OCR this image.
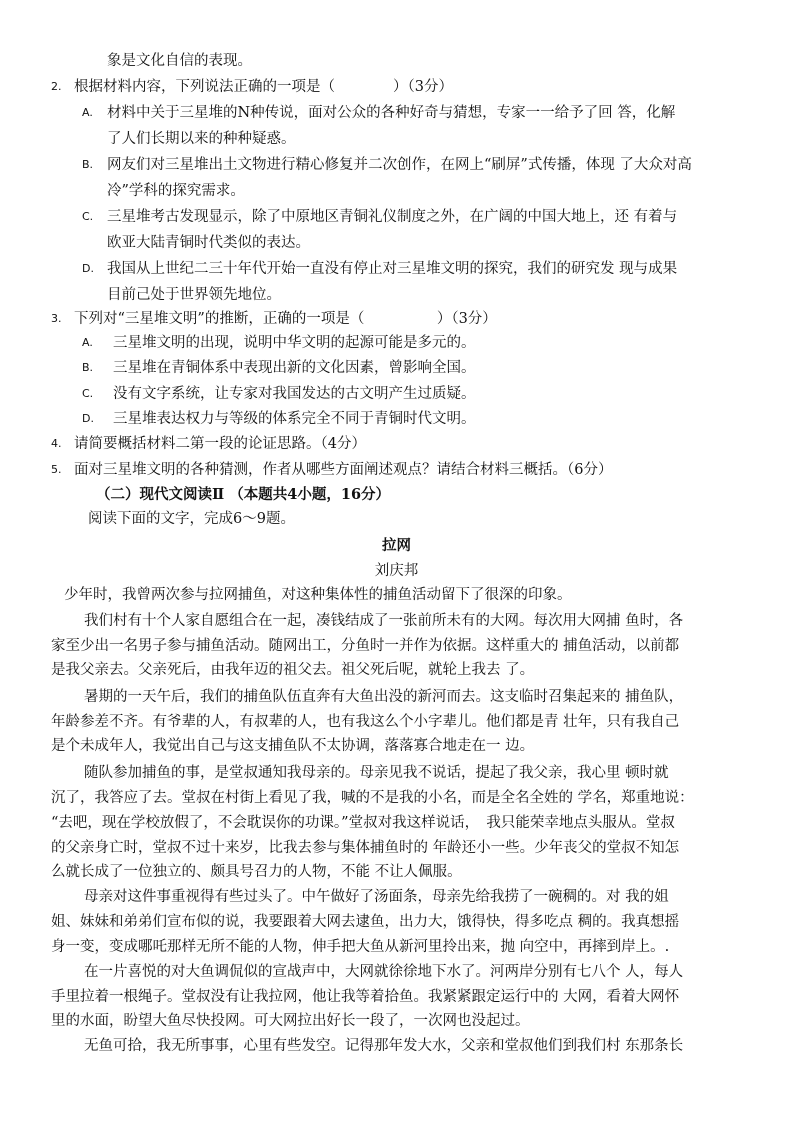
象是文化自信的表现。
2. 根据材料内容，下列说法正确的一项是（　　　　）（3分）
A. 材料中关于三星堆的N种传说，面对公众的各种好奇与猜想，专家一一给予了回 答，化解
了人们长期以来的种种疑惑。
B. 网友们对三星堆出土文物进行精心修复并二次创作，在网上“刷屏”式传播，体现 了大众对高
冷”学科的探究需求。
C. 三星堆考古发现显示，除了中原地区青铜礼仪制度之外，在广阔的中国大地上，还 有着与
欧亚大陆青铜时代类似的表达。
D. 我国从上世纪二三十年代开始一直没有停止对三星堆文明的探究，我们的研究发 现与成果
目前己处于世界领先地位。
3. 下列对“三星堆文明”的推断，正确的一项是（　　　　　）（3分）
A. 三星堆文明的出现，说明中华文明的起源可能是多元的。
B. 三星堆在青铜体系中表现出新的文化因素，曾影响全国。
C. 没有文字系统，让专家对我国发达的古文明产生过质疑。
D. 三星堆表达权力与等级的体系完全不同于青铜时代文明。
4. 请简要概括材料二第一段的论证思路。（4分）
5. 面对三星堆文明的各种猜测，作者从哪些方面阐述观点？请结合材料三概括。（6分）
（二）现代文阅读Ⅱ （本题共4小题，16分）
阅读下面的文字，完成6～9题。
拉网
刘庆邦
少年时，我曾两次参与拉网捕鱼，对这种集体性的捕鱼活动留下了很深的印象。
我们村有十个人家自愿组合在一起，凑钱结成了一张前所未有的大网。每次用大网捕 鱼时，各
家至少出一名男子参与捕鱼活动。随网出工，分鱼时一并作为依据。这样重大的 捕鱼活动，以前都
是我父亲去。父亲死后，由我年迈的祖父去。祖父死后呢，就轮上我去 了。
暑期的一天午后，我们的捕鱼队伍直奔有大鱼出没的新河而去。这支临时召集起来的 捕鱼队，
年龄参差不齐。有爷辈的人，有叔辈的人，也有我这么个小字辈儿。他们都是青 壮年，只有我自己
是个未成年人，我觉出自己与这支捕鱼队不太协调，落落寡合地走在一 边。
随队参加捕鱼的事，是堂叔通知我母亲的。母亲见我不说话，提起了我父亲，我心里 顿时就
沉了，我答应了去。堂叔在村街上看见了我，喊的不是我的小名，而是全名全姓的 学名，郑重地说：
“去吧，现在学校放假了，不会耽误你的功课。”堂叔对我这样说话，　我只能荣幸地点头服从。堂叔
的父亲身亡时，堂叔不过十来岁，比我去参与集体捕鱼时的 年龄还小一些。少年丧父的堂叔不知怎
么就长成了一位独立的、颇具号召力的人物，不能 不让人佩服。
母亲对这件事重视得有些过头了。中午做好了汤面条，母亲先给我捞了一碗稠的。对 我的姐
姐、妹妹和弟弟们宣布似的说，我要跟着大网去逮鱼，出力大，饿得快，得多吃点 稠的。我真想摇
身一变，变成哪吒那样无所不能的人物，伸手把大鱼从新河里拎出来，抛 向空中，再摔到岸上。.
在一片喜悦的对大鱼调侃似的宣战声中，大网就徐徐地下水了。河两岸分别有七八个 人，每人
手里拉着一根绳子。堂叔没有让我拉网，他让我等着拾鱼。我紧紧跟定运行中的 大网，看着大网怀
里的水面，盼望大鱼尽快投网。可大网拉出好长一段了，一次网也没起过。
无鱼可拾，我无所事事，心里有些发空。记得那年发大水，父亲和堂叔他们到我们村 东那条长
